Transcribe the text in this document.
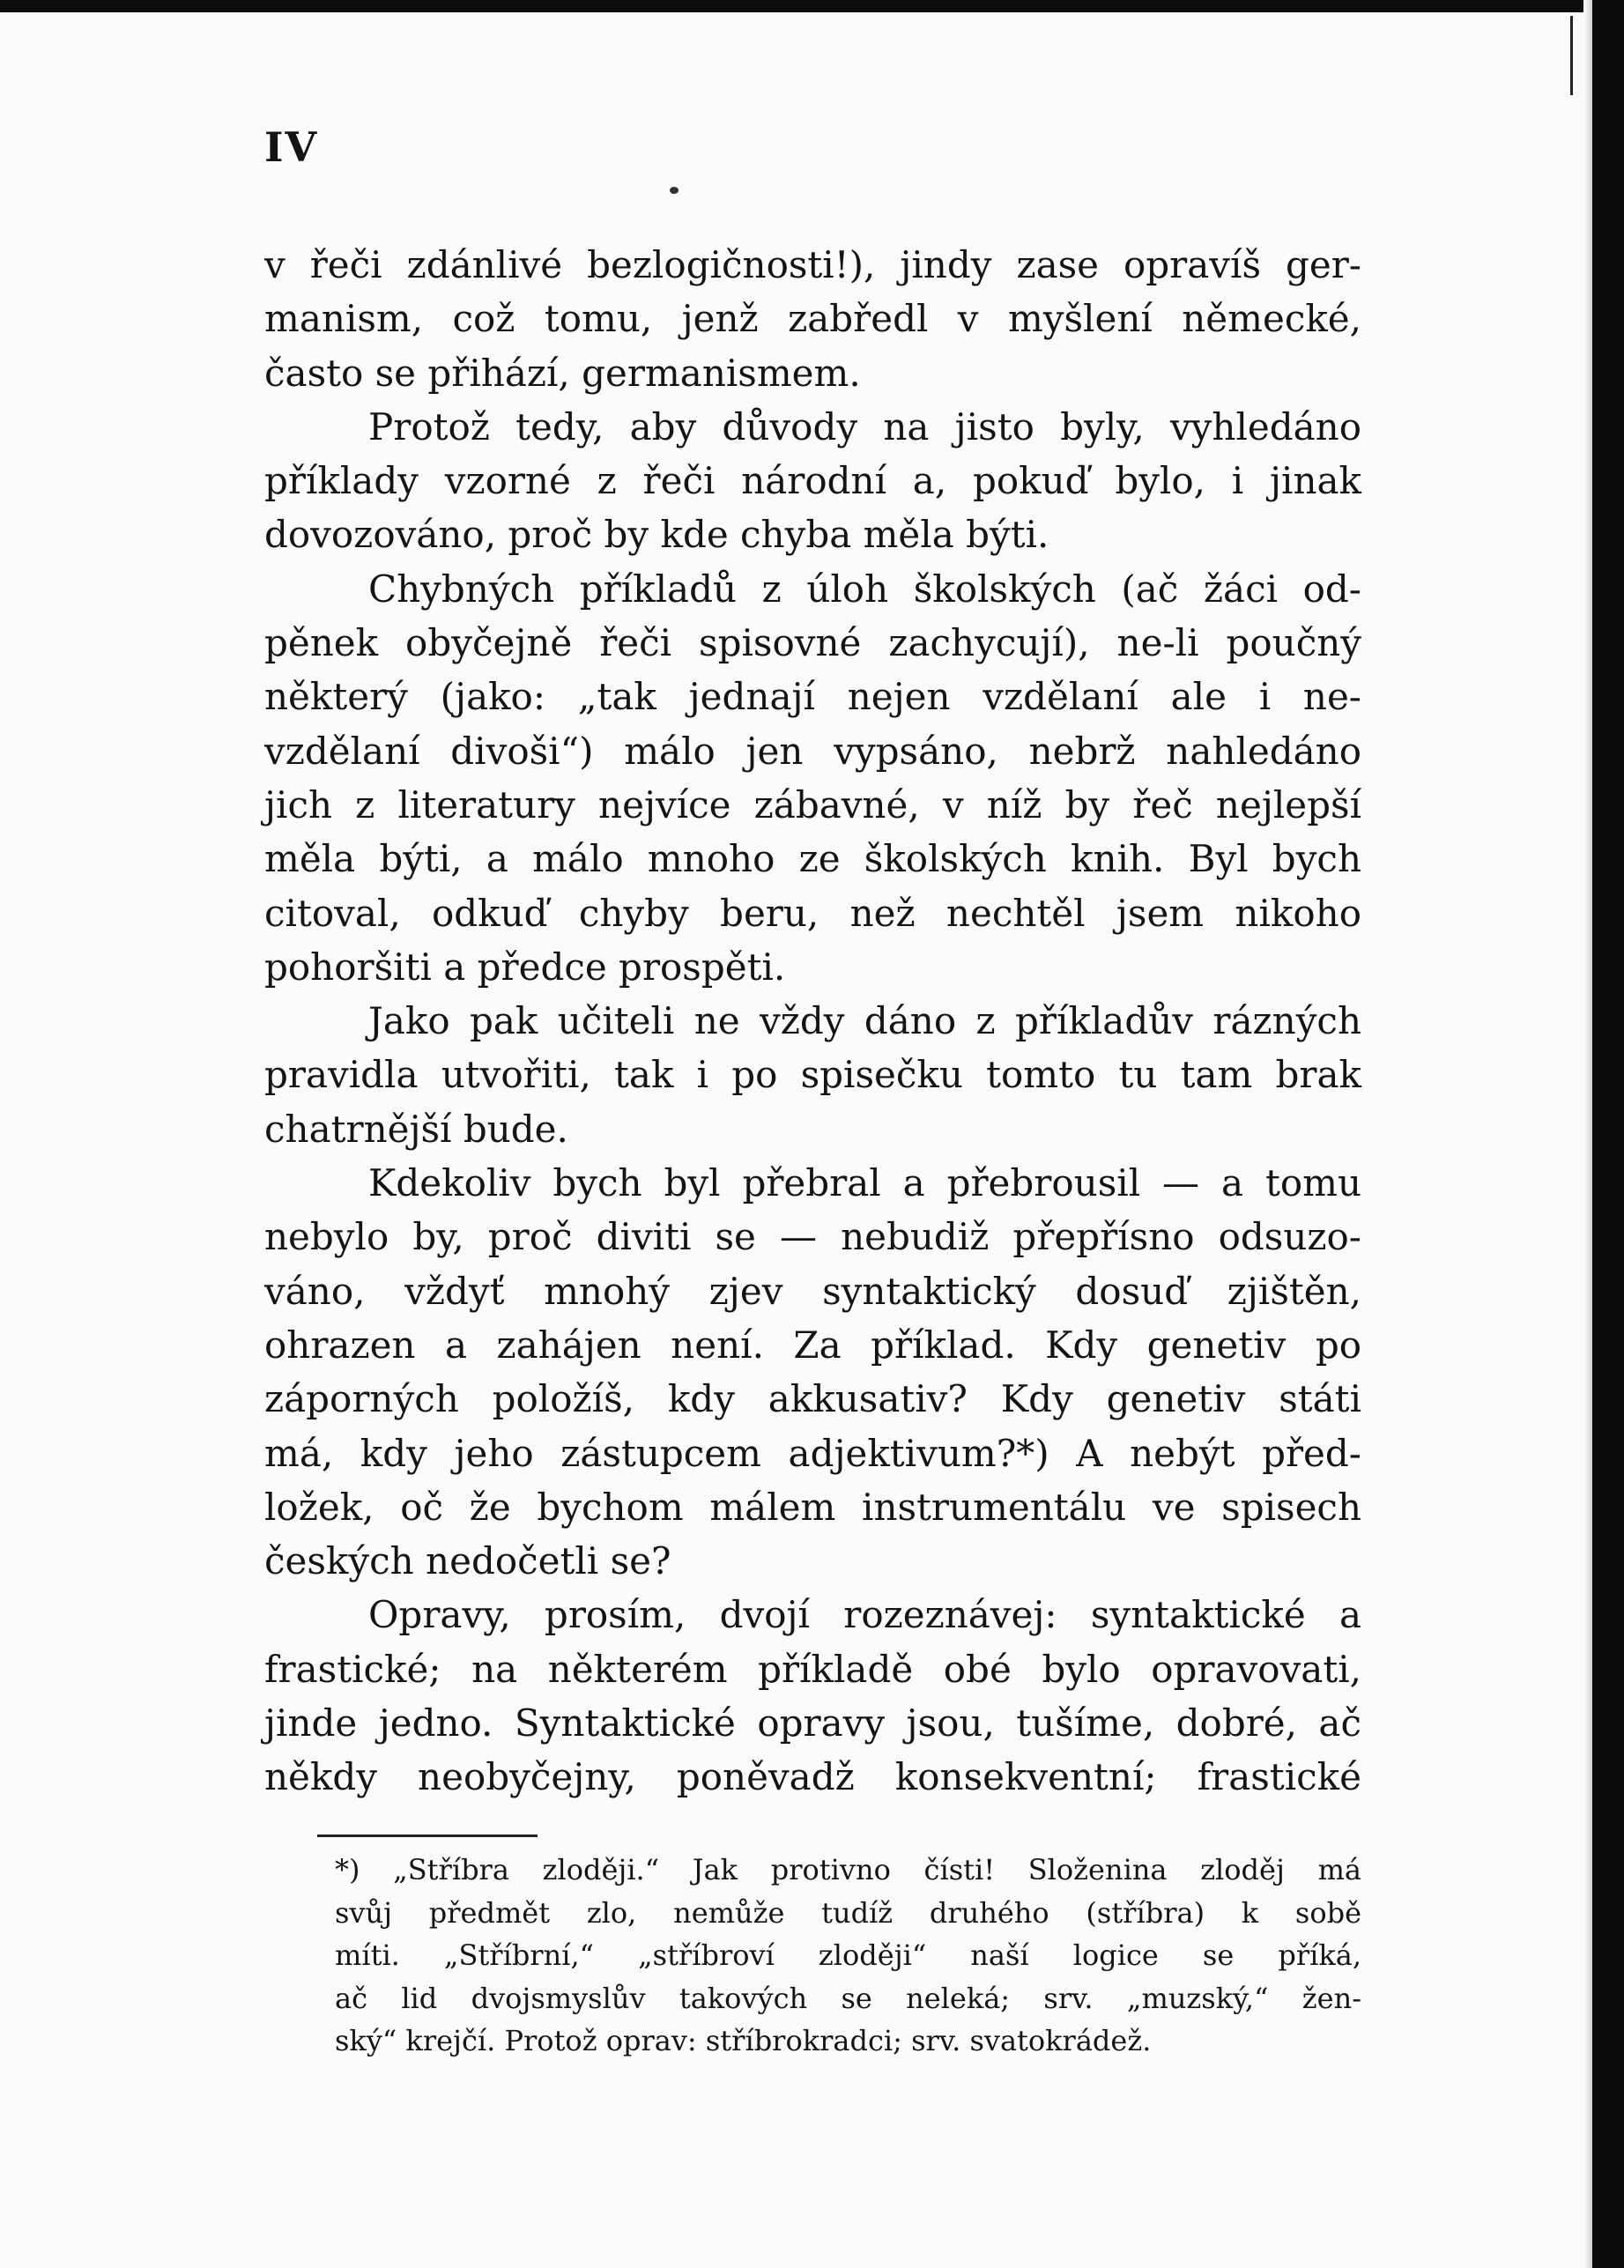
IV
v řeči zdánlivé bezlogičnosti!), jindy zase opravíš ger-
manism, což tomu, jenž zabředl v myšlení německé,
často se přihází, germanismem.
Protož tedy, aby důvody na jisto byly, vyhledáno
příklady vzorné z řeči národní a, pokuď bylo, i jinak
dovozováno, proč by kde chyba měla býti.
Chybných příkladů z úloh školských (ač žáci od-
pěnek obyčejně řeči spisovné zachycují), ne-li poučný
některý (jako: „tak jednají nejen vzdělaní ale i ne-
vzdělaní divoši“) málo jen vypsáno, nebrž nahledáno
jich z literatury nejvíce zábavné, v níž by řeč nejlepší
měla býti, a málo mnoho ze školských knih. Byl bych
citoval, odkuď chyby beru, než nechtěl jsem nikoho
pohoršiti a předce prospěti.
Jako pak učiteli ne vždy dáno z příkladův rázných
pravidla utvořiti, tak i po spisečku tomto tu tam brak
chatrnější bude.
Kdekoliv bych byl přebral a přebrousil — a tomu
nebylo by, proč diviti se — nebudiž přepřísno odsuzo-
váno, vždyť mnohý zjev syntaktický dosuď zjištěn,
ohrazen a zahájen není. Za příklad. Kdy genetiv po
záporných položíš, kdy akkusativ? Kdy genetiv státi
má, kdy jeho zástupcem adjektivum?*) A nebýt před-
ložek, oč že bychom málem instrumentálu ve spisech
českých nedočetli se?
Opravy, prosím, dvojí rozeznávej: syntaktické a
frastické; na některém příkladě obé bylo opravovati,
jinde jedno. Syntaktické opravy jsou, tušíme, dobré, ač
někdy neobyčejny, poněvadž konsekventní; frastické
*) „Stříbra zloději.“ Jak protivno čísti! Složenina zloděj má
svůj předmět zlo, nemůže tudíž druhého (stříbra) k sobě
míti. „Stříbrní,“ „stříbroví zloději“ naší logice se příká,
ač lid dvojsmyslův takových se neleká; srv. „muzský,“ žen-
ský“ krejčí. Protož oprav: stříbrokradci; srv. svatokrádež.
